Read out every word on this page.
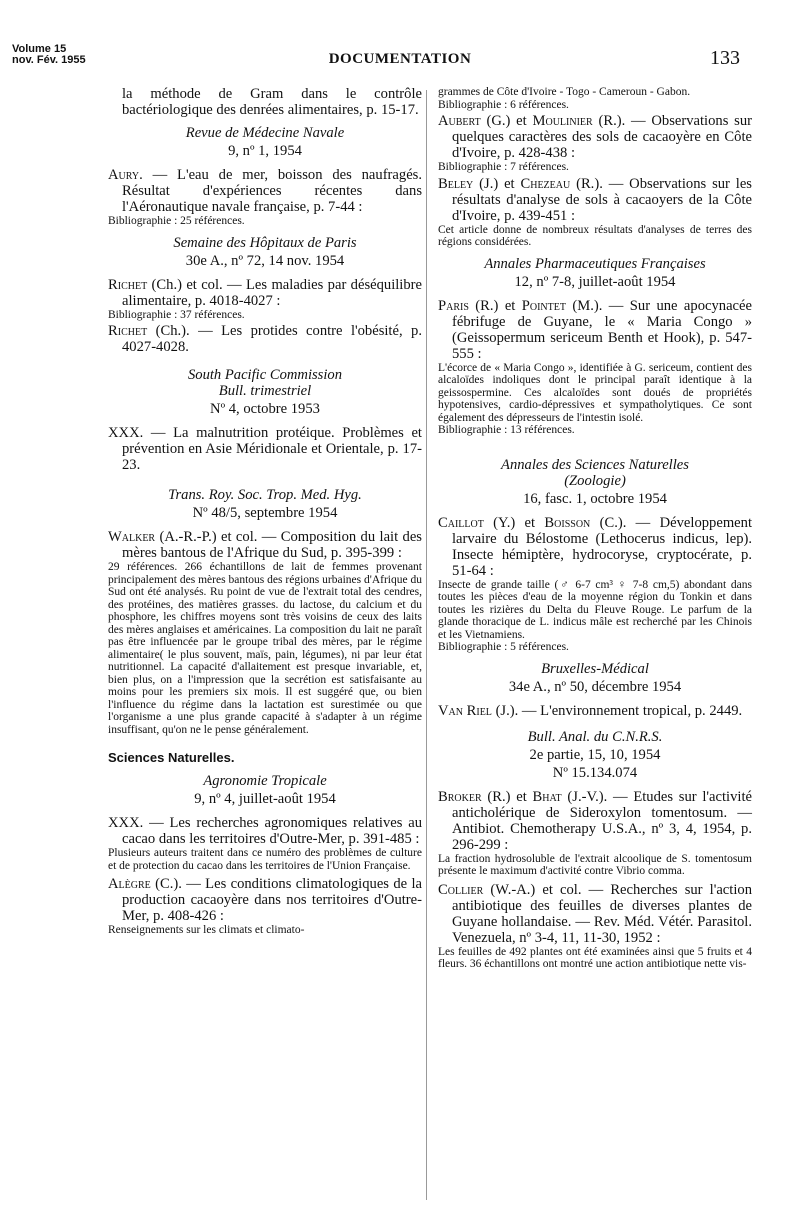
Volume 15
nov. Fév. 1955	DOCUMENTATION	133

la méthode de Gram dans le contrôle bactériologique des denrées alimentaires, p. 15-17.

Revue de Médecine Navale
9, nº 1, 1954

Aury. — L'eau de mer, boisson des naufragés. Résultat d'expériences récentes dans l'Aéronautique navale française, p. 7-44 :

Bibliographie : 25 références.

Semaine des Hôpitaux de Paris
30e A., nº 72, 14 nov. 1954

Richet (Ch.) et col. — Les maladies par déséquilibre alimentaire, p. 4018-4027 :

Bibliographie : 37 références.

Richet (Ch.). — Les protides contre l'obésité, p. 4027-4028.

South Pacific Commission
Bull. trimestriel
Nº 4, octobre 1953

XXX. — La malnutrition protéique. Problèmes et prévention en Asie Méridionale et Orientale, p. 17-23.

Trans. Roy. Soc. Trop. Med. Hyg.
Nº 48/5, septembre 1954

Walker (A.-R.-P.) et col. — Composition du lait des mères bantous de l'Afrique du Sud, p. 395-399 :

29 références. 266 échantillons de lait de femmes provenant principalement des mères bantous des régions urbaines d'Afrique du Sud ont été analysés. Ru point de vue de l'extrait total des cendres, des protéines, des matières grasses. du lactose, du calcium et du phosphore, les chiffres moyens sont très voisins de ceux des laits des mères anglaises et américaines. La composition du lait ne paraît pas être influencée par le groupe tribal des mères, par le régime alimentaire( le plus souvent, maïs, pain, légumes), ni par leur état nutritionnel. La capacité d'allaitement est presque invariable, et, bien plus, on a l'impression que la secrétion est satisfaisante au moins pour les premiers six mois. Il est suggéré que, ou bien l'influence du régime dans la lactation est surestimée ou que l'organisme a une plus grande capacité à s'adapter à un régime insuffisant, qu'on ne le pense généralement.

Sciences Naturelles.
Agronomie Tropicale
9, nº 4, juillet-août 1954

XXX. — Les recherches agronomiques relatives au cacao dans les territoires d'Outre-Mer, p. 391-485 :

Plusieurs auteurs traitent dans ce numéro des problèmes de culture et de protection du cacao dans les territoires de l'Union Française.

Alègre (C.). — Les conditions climatologiques de la production cacaoyère dans nos territoires d'Outre-Mer, p. 408-426 :

Renseignements sur les climats et climato-

grammes de Côte d'Ivoire - Togo - Cameroun - Gabon.

Bibliographie : 6 références.

Aubert (G.) et Moulinier (R.). — Observations sur quelques caractères des sols de cacaoyère en Côte d'Ivoire, p. 428-438 :

Bibliographie : 7 références.

Beley (J.) et Chezeau (R.). — Observations sur les résultats d'analyse de sols à cacaoyers de la Côte d'Ivoire, p. 439-451 :

Cet article donne de nombreux résultats d'analyses de terres des régions considérées.

Annales Pharmaceutiques Françaises
12, nº 7-8, juillet-août 1954

Paris (R.) et Pointet (M.). — Sur une apocynacée fébrifuge de Guyane, le « Maria Congo » (Geissopermum sericeum Benth et Hook), p. 547-555 :

L'écorce de « Maria Congo », identifiée à G. sericeum, contient des alcaloïdes indoliques dont le principal paraît identique à la geissospermine. Ces alcaloïdes sont doués de propriétés hypotensives, cardio-dépressives et sympatholytiques. Ce sont également des dépresseurs de l'intestin isolé.

Bibliographie : 13 références.

Annales des Sciences Naturelles
(Zoologie)
16, fasc. 1, octobre 1954

Caillot (Y.) et Boisson (C.). — Développement larvaire du Bélostome (Lethocerus indicus, lep). Insecte hémiptère, hydrocoryse, cryptocérate, p. 51-64 :

Insecte de grande taille (♂ 6-7 cm³ ♀ 7-8 cm,5) abondant dans toutes les pièces d'eau de la moyenne région du Tonkin et dans toutes les rizières du Delta du Fleuve Rouge. Le parfum de la glande thoracique de L. indicus mâle est recherché par les Chinois et les Vietnamiens.

Bibliographie : 5 références.

Bruxelles-Médical
34e A., nº 50, décembre 1954

Van Riel (J.). — L'environnement tropical, p. 2449.

Bull. Anal. du C.N.R.S.
2e partie, 15, 10, 1954
Nº 15.134.074

Broker (R.) et Bhat (J.-V.). — Etudes sur l'activité anticholérique de Sideroxylon tomentosum. — Antibiot. Chemotherapy U.S.A., nº 3, 4, 1954, p. 296-299 :

La fraction hydrosoluble de l'extrait alcoolique de S. tomentosum présente le maximum d'activité contre Vibrio comma.

Collier (W.-A.) et col. — Recherches sur l'action antibiotique des feuilles de diverses plantes de Guyane hollandaise. — Rev. Méd. Vétér. Parasitol. Venezuela, nº 3-4, 11, 11-30, 1952 :

Les feuilles de 492 plantes ont été examinées ainsi que 5 fruits et 4 fleurs. 36 échantillons ont montré une action antibiotique nette vis-
